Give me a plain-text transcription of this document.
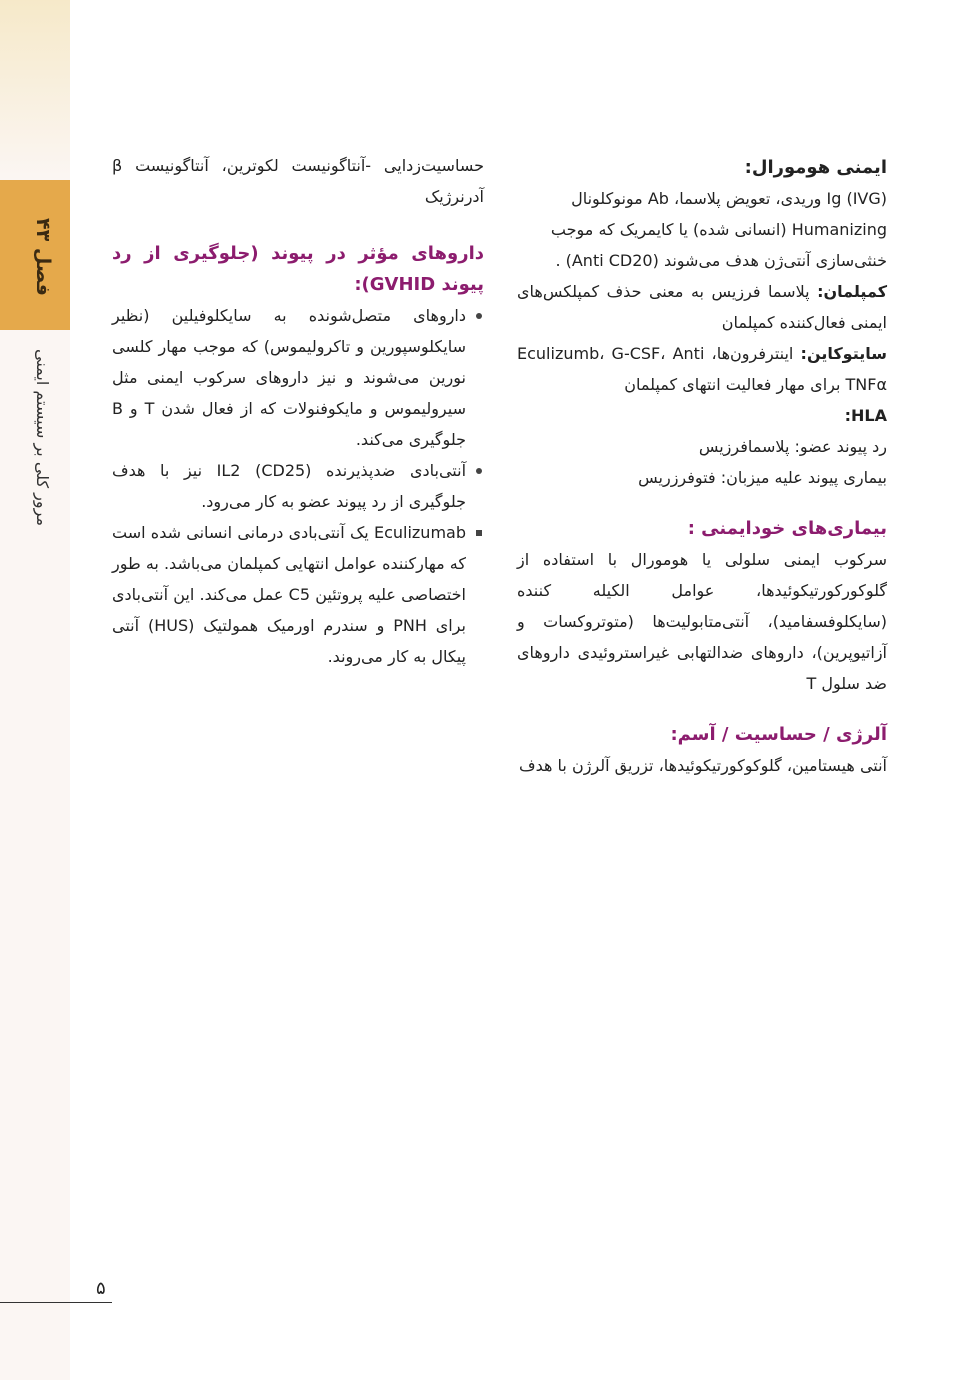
فصل ۴۳
مرور کلی بر سیستم ایمنی

ایمنی هومورال:

Ig (IVG) وریدی، تعویض پلاسما، Ab مونوکلونال

Humanizing (انسانی شده) یا کایمریک که موجب

خنثی‌سازی آنتی‌ژن هدف می‌شوند (Anti CD20) .

کمپلمان: پلاسما فرزیس به معنی حذف کمپلکس‌های ایمنی فعال‌کننده کمپلمان

سایتوکاین: اینترفرون‌ها، Eculizumb، G-CSF، Anti TNFα برای مهار فعالیت انتهای کمپلمان

HLA:

رد پیوند عضو: پلاسمافرزیس

بیماری پیوند علیه میزبان: فتوفرزریس

بیماری‌های خودایمنی :

سرکوب ایمنی سلولی یا هومورال با استفاده از گلوکورکورتیکوئیدها، عوامل الکیله کننده (سایکلوفسفامید)، آنتی‌متابولیت‌ها (متوتروکسات و آزاتیوپرین)، داروهای ضدالتهابی غیراستروئیدی داروهای ضد سلول T

آلرژی / حساسیت / آسم:

آنتی هیستامین، گلوکوکورتیکوئیدها، تزریق آلرژن با هدف

حساسیت‌زدایی -آنتاگونیست لکوترین، آنتاگونیست β آدرنرژیک

داروهای مؤثر در پیوند (جلوگیری از رد پیوند GVHID):

داروهای متصل‌شونده به سایکلوفیلین (نظیر سایکلوسپورین و تاکرولیموس) که موجب مهار کلسی نورین می‌شوند و نیز داروهای سرکوب ایمنی مثل سیرولیموس و مایکوفنولات که از فعال شدن T و B جلوگیری می‌کند.
آنتی‌بادی ضدپذیرنده IL2 (CD25) نیز با هدف جلوگیری از رد پیوند عضو به کار می‌رود.
Eculizumab یک آنتی‌بادی درمانی انسانی شده است که مهارکننده عوامل انتهایی کمپلمان می‌باشد. به طور اختصاصی علیه پروتئین C5 عمل می‌کند. این آنتی‌بادی برای PNH و سندرم اورمیک همولتیک (HUS) آنتی پیکال به کار می‌روند.
۵
